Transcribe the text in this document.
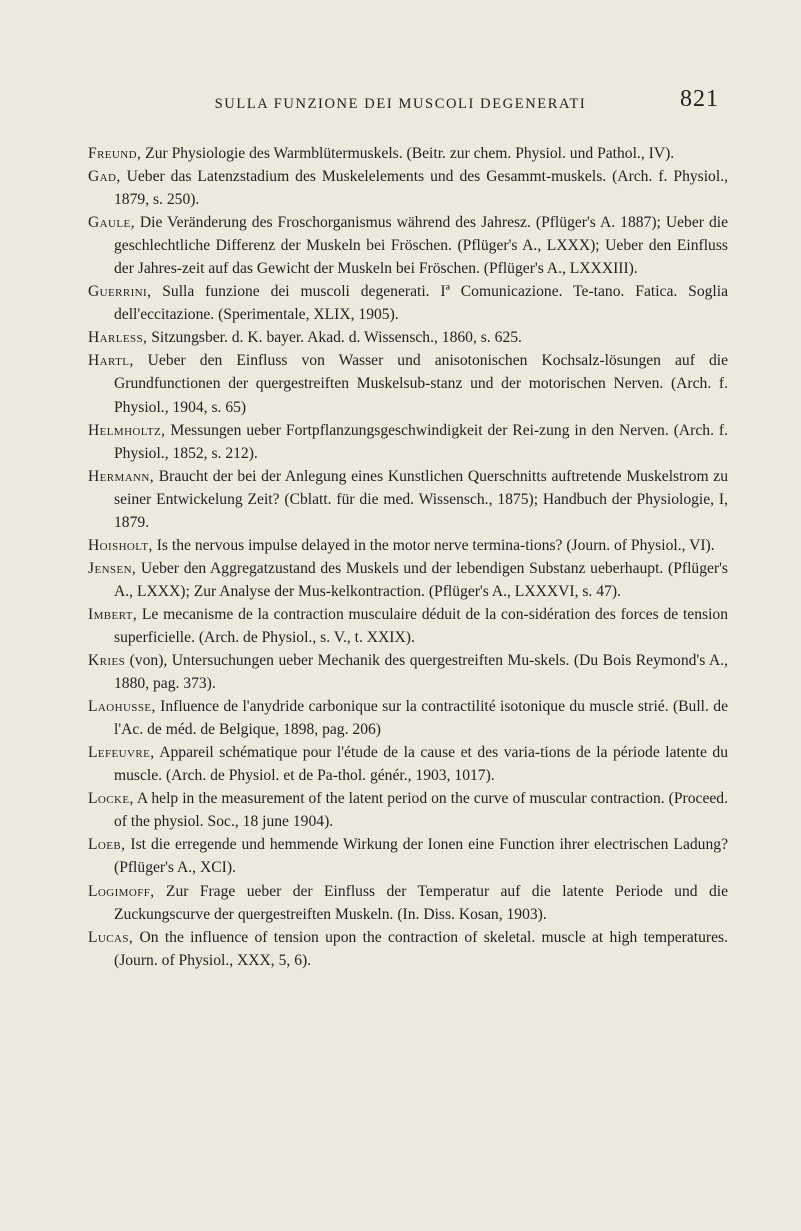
SULLA FUNZIONE DEI MUSCOLI DEGENERATI	821

Freund, Zur Physiologie des Warmblütermuskels. (Beitr. zur chem. Physiol. und Pathol., IV).

Gad, Ueber das Latenzstadium des Muskelelements und des Gesammt-muskels. (Arch. f. Physiol., 1879, s. 250).

Gaule, Die Veränderung des Froschorganismus während des Jahresz. (Pflüger's A. 1887); Ueber die geschlechtliche Differenz der Muskeln bei Fröschen. (Pflüger's A., LXXX); Ueber den Einfluss der Jahres-zeit auf das Gewicht der Muskeln bei Fröschen. (Pflüger's A., LXXXIII).

Guerrini, Sulla funzione dei muscoli degenerati. Iª Comunicazione. Te-tano. Fatica. Soglia dell'eccitazione. (Sperimentale, XLIX, 1905).

Harless, Sitzungsber. d. K. bayer. Akad. d. Wissensch., 1860, s. 625.

Hartl, Ueber den Einfluss von Wasser und anisotonischen Kochsalz-lösungen auf die Grundfunctionen der quergestreiften Muskelsub-stanz und der motorischen Nerven. (Arch. f. Physiol., 1904, s. 65)

Helmholtz, Messungen ueber Fortpflanzungsgeschwindigkeit der Rei-zung in den Nerven. (Arch. f. Physiol., 1852, s. 212).

Hermann, Braucht der bei der Anlegung eines Kunstlichen Querschnitts auftretende Muskelstrom zu seiner Entwickelung Zeit? (Cblatt. für die med. Wissensch., 1875); Handbuch der Physiologie, I, 1879.

Hoisholt, Is the nervous impulse delayed in the motor nerve termina-tions? (Journ. of Physiol., VI).

Jensen, Ueber den Aggregatzustand des Muskels und der lebendigen Substanz ueberhaupt. (Pflüger's A., LXXX); Zur Analyse der Mus-kelkontraction. (Pflüger's A., LXXXVI, s. 47).

Imbert, Le mecanisme de la contraction musculaire déduit de la con-sidération des forces de tension superficielle. (Arch. de Physiol., s. V., t. XXIX).

Kries (von), Untersuchungen ueber Mechanik des quergestreiften Mu-skels. (Du Bois Reymond's A., 1880, pag. 373).

Laohusse, Influence de l'anydride carbonique sur la contractilité isotonique du muscle strié. (Bull. de l'Ac. de méd. de Belgique, 1898, pag. 206)

Lefeuvre, Appareil schématique pour l'étude de la cause et des varia-tions de la période latente du muscle. (Arch. de Physiol. et de Pa-thol. génér., 1903, 1017).

Locke, A help in the measurement of the latent period on the curve of muscular contraction. (Proceed. of the physiol. Soc., 18 june 1904).

Loeb, Ist die erregende und hemmende Wirkung der Ionen eine Function ihrer electrischen Ladung? (Pflüger's A., XCI).

Logimoff, Zur Frage ueber der Einfluss der Temperatur auf die latente Periode und die Zuckungscurve der quergestreiften Muskeln. (In. Diss. Kosan, 1903).

Lucas, On the influence of tension upon the contraction of skeletal. muscle at high temperatures. (Journ. of Physiol., XXX, 5, 6).
